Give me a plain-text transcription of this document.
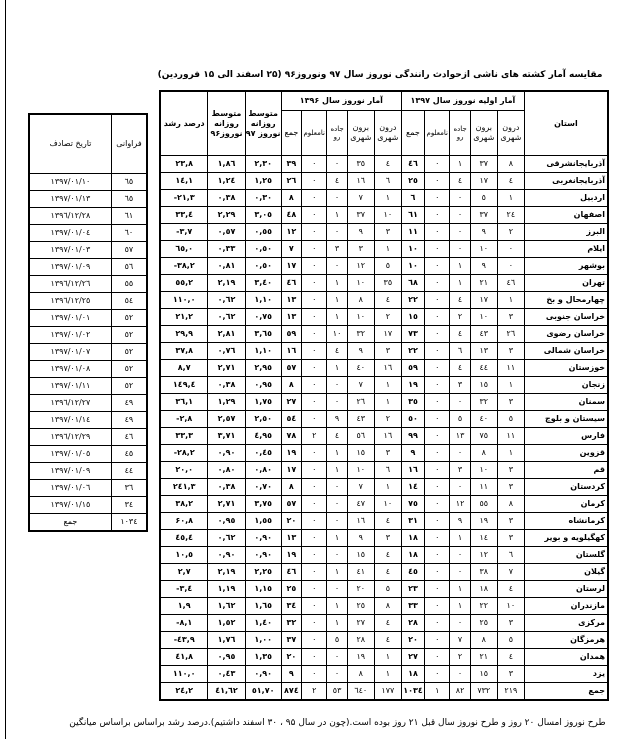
مقایسه آمار کشته های ناشی ازحوادث رانندگی نوروز سال ۹۷ ونوروز۹۶ (۲۵ اسفند الی ۱۵ فروردین)
درصد رشد	متوسط روزانه نوروز۹۶	متوسط روزانه نوروز ۹۷	آمار نوروز سال ۱۳۹۶					آمار اولیه نوروز سال ۱۳۹۷					استان
			جمع	نامعلوم	جاده رو	برون شهری	درون شهری	جمع	نامعلوم	جاده رو	برون شهری	درون شهری	
۲۳,۸	۱,۸٦	۲,۳۰	۳۹	۰	۰	۳٥	٤	٤٦	۰	۱	۳۷	۸	آذربایجانشرقی
۱٤,۱	۱,۲٤	۱,۲٥	۲٦	۰	٤	۱٦	٦	۲٥	۰	٤	۱۷	٤	آذربایجانغربی
-۲۱,۳	۰,۳۸	۰,۳۰	۸	۰	۰	۷	۱	٦	۰	۰	٥	۱	اردبیل
۳۳,٤	۲,۲۹	۳,۰٥	٤۸	۰	۱	۳۷	۱۰	٦۱	۰	۰	۳۷	۲٤	اصفهان
-۳,۷	۰,٥۷	۰,٥٥	۱۲	۰	۰	۹	۳	۱۱	۰	۰	۹	۲	البرز
٦٥,۰	۰,۳۳	۰,٥۰	۷	۰	۳	۳	۱	۱۰	۰	۰	۱۰	۰	ایلام
-۳۸,۲	۰,۸۱	۰,٥۰	۱۷	۰	۰	۱۲	٥	۱۰	۰	۱	۹	۰	بوشهر
٥٥,۲	۲,۱۹	۳,٤۰	٤٦	۰	۱	۱۰	۳٥	٦۸	۰	۱	۲۱	٤٦	تهران
۱۱۰,۰	۰,٦۲	۱,۱۰	۱۳	۰	۱	۸	٤	۲۲	۰	٤	۱۷	۱	چهارمحال و بخ
۲۱,۲	۰,٦۲	۰,۷٥	۱۳	۰	۱	۱۰	۲	۱٥	۰	۲	۱۰	۳	خراسان جنوبی
۲۹,۹	۲,۸۱	۳,٦٥	٥۹	۰	۱۰	۳۲	۱۷	۷۳	۰	٤	٤۳	۲٦	خراسان رضوی
۳۷,۸	۰,۷٦	۱,۱۰	۱٦	۰	٤	۹	۳	۲۲	۰	٦	۱۳	۳	خراسان شمالی
۸,۷	۲,۷۱	۲,۹٥	٥۷	۰	۱	٤۰	۱٦	٥۹	۰	٤	٤٤	۱۱	خوزستان
۱٤۹,٤	۰,۳۸	۰,۹٥	۸	۰	۰	۷	۱	۱۹	۰	۳	۱٥	۱	زنجان
۳٦,۱	۱,۲۹	۱,۷٥	۲۷	۰	۰	۲٦	۱	۳٥	۰	۰	۳۲	۳	سمنان
-۲,۸	۲,٥۷	۲,٥۰	٥٤	۰	۹	٤۳	۲	٥۰	۰	٥	٤۰	٥	سیستان و بلوچ
۳۳,۳	۳,۷۱	٤,۹٥	۷۸	۲	٤	٥٦	۱٦	۹۹	۰	۱۳	۷٥	۱۱	فارس
-۲۸,۲	۰,۹۰	۰,٤٥	۱۹	۰	۱	۱٥	۳	۹	۰	۰	۸	۱	قزوین
۲۰,۰	۰,۸۰	۰,۸۰	۱۷	۰	۱	۱۰	٦	۱٦	۰	۳	۱۰	۳	قم
۲٤۱,۳	۰,۳۸	۰,۷۰	۸	۰	۰	۷	۱	۱٤	۰	۰	۱۱	۳	کردستان
۳۸,۲	۲,۷۱	۳,۷٥	٥۷	۰	۰	٤۷	۱۰	۷٥	۰	۱۲	٥٥	۸	کرمان
۶۰,۸	۰,۹٥	۱,٥٥	۲۰	۰	۰	۱٦	٤	۳۱	۰	۹	۱۹	۳	کرمانشاه
٤٥,٤	۰,٦۲	۰,۹۰	۱۳	۰	۱	۹	۳	۱۸	۰	۱	۱٤	۳	کهگیلویه و بویر
۱۰,٥	۰,۹۰	۰,۹۰	۱۹	۰	۰	۱٥	٤	۱۸	۰	۰	۱۲	٦	گلستان
۲,۷	۲,۱۹	۲,۲٥	٤٦	۰	۱	٤۱	٤	٤٥	۰	۰	۳۸	۷	گیلان
-۳,٤	۱,۱۹	۱,۱٥	۲٥	۰	۰	۲۰	٥	۲۳	۰	۱	۱۸	٤	لرستان
۱,۹	۱,٦۲	۱,٦٥	۳٤	۰	۱	۲٥	۸	۳۳	۰	۱	۲۲	۱۰	مازندران
-۸,۱	۱,٥۲	۱,٤۰	۳۲	۰	۱	۲۷	٤	۲۸	۰	۰	۲٥	۳	مرکزی
-٤۳,۹	۱,۷٦	۱,۰۰	۳۷	۰	٥	۲۸	٤	۲۰	۰	۷	۸	٥	هرمزگان
٤۱,۸	۰,۹٥	۱,۳٥	۲۰	۰	۰	۱۹	۱	۲۷	۰	۲	۲۱	٤	همدان
۱۱۰,۰	۰,٤۳	۰,۹۰	۹	۰	۰	۸	۱	۱۸	۰	۰	۱٥	۳	یزد
۲٤,۲	٤۱,٦۲	٥۱,۷۰	۸۷٤	۲	٥۳	٦٤۰	۱۷۷	۱۰۳٤	۱	۸۲	۷۳۲	۲۱۹	جمع
تاریخ تصادف	فراوانی
۱۳۹۷/۰۱/۱۰	٦٥
۱۳۹۷/۰۱/۱۳	٦٥
۱۳۹٦/۱۲/۲۸	٦۱
۱۳۹۷/۰۱/۰٤	٦۰
۱۳۹۷/۰۱/۰۳	٥۷
۱۳۹۷/۰۱/۰۹	٥٦
۱۳۹٦/۱۲/۲٦	٥٥
۱۳۹٦/۱۲/۲٥	٥٤
۱۳۹۷/۰۱/۰۱	٥۲
۱۳۹۷/۰۱/۰۲	٥۲
۱۳۹۷/۰۱/۰۷	٥۲
۱۳۹۷/۰۱/۰۸	٥۲
۱۳۹۷/۰۱/۱۱	٥۲
۱۳۹٦/۱۲/۲۷	٤۹
۱۳۹۷/۰۱/۱٤	٤۹
۱۳۹٦/۱۲/۲۹	٤٦
۱۳۹۷/۰۱/۰٥	٤٥
۱۳۹۷/۰۱/۰۹	٤٤
۱۳۹۷/۰۱/۰٦	۳٦
۱۳۹۷/۰۱/۱٥	۳٤
جمع	۱۰۳٤
طرح نوروز امسال ۲۰ روز و طرح نوروز سال قبل ۲۱ روز بوده است.(چون در سال ۹۵ ، ۳۰ اسفند داشتیم).درصد رشد براساس براساس میانگین
